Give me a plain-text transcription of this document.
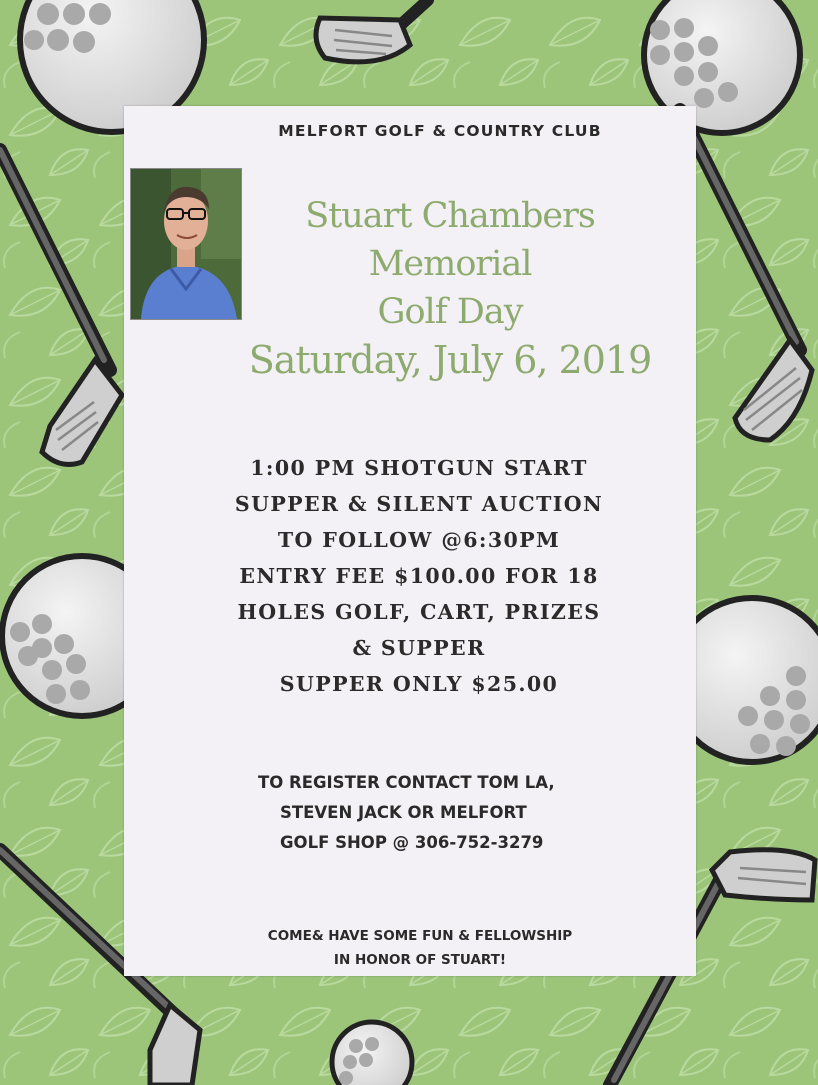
MELFORT GOLF & COUNTRY CLUB
Stuart Chambers
Memorial
Golf Day
Saturday, July 6, 2019
1:00 PM SHOTGUN START
SUPPER & SILENT AUCTION
TO FOLLOW @6:30PM
ENTRY FEE $100.00 FOR 18
HOLES GOLF, CART, PRIZES
& SUPPER
SUPPER ONLY $25.00
TO REGISTER CONTACT TOM LA,
STEVEN JACK OR MELFORT
GOLF SHOP @ 306-752-3279
COME& HAVE SOME FUN & FELLOWSHIP
IN HONOR OF STUART!
